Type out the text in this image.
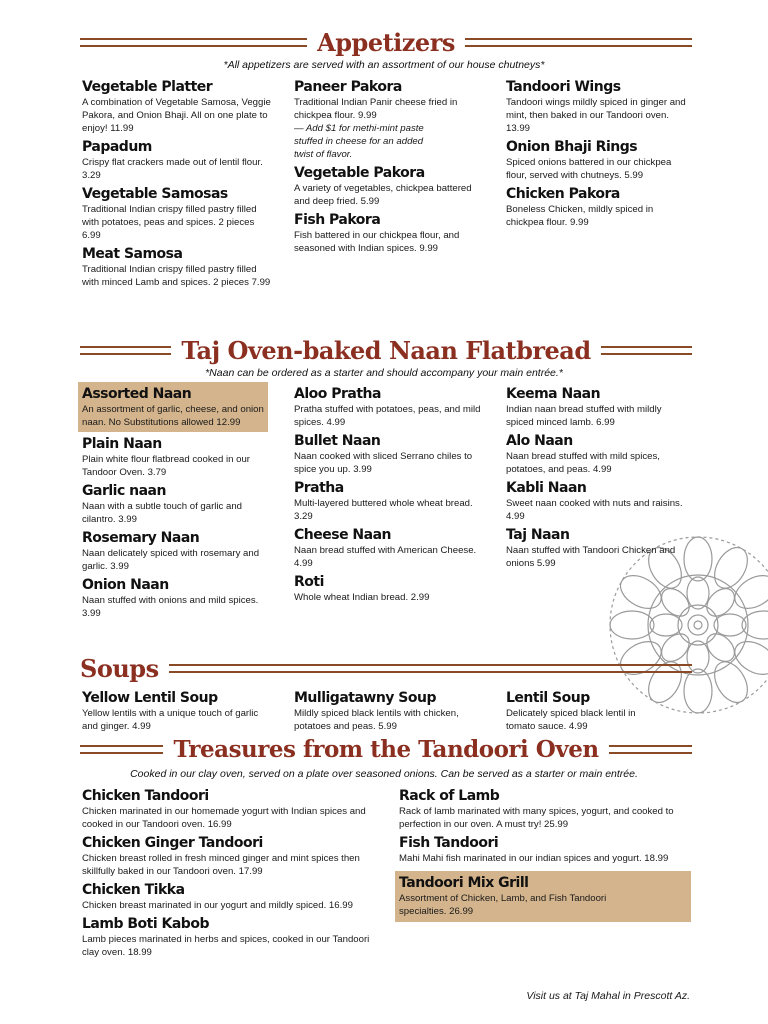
Appetizers
*All appetizers are served with an assortment of our house chutneys*
Vegetable Platter
A combination of Vegetable Samosa, Veggie Pakora, and Onion Bhaji. All on one plate to enjoy! 11.99
Papadum
Crispy flat crackers made out of lentil flour. 3.29
Vegetable Samosas
Traditional Indian crispy filled pastry filled with potatoes, peas and spices. 2 pieces 6.99
Meat Samosa
Traditional Indian crispy filled pastry filled with minced Lamb and spices. 2 pieces 7.99
Paneer Pakora
Traditional Indian Panir cheese fried in chickpea flour. 9.99
— Add $1 for methi-mint paste stuffed in cheese for an added twist of flavor.
Vegetable Pakora
A variety of vegetables, chickpea battered and deep fried. 5.99
Fish Pakora
Fish battered in our chickpea flour, and seasoned with Indian spices. 9.99
Tandoori Wings
Tandoori wings mildly spiced in ginger and mint, then baked in our Tandoori oven. 13.99
Onion Bhaji Rings
Spiced onions battered in our chickpea flour, served with chutneys. 5.99
Chicken Pakora
Boneless Chicken, mildly spiced in chickpea flour. 9.99
Taj Oven-baked Naan Flatbread
*Naan can be ordered as a starter and should accompany your main entrée.*
Assorted Naan
An assortment of garlic, cheese, and onion naan. No Substitutions allowed 12.99
Plain Naan
Plain white flour flatbread cooked in our Tandoor Oven. 3.79
Garlic naan
Naan with a subtle touch of garlic and cilantro. 3.99
Rosemary Naan
Naan delicately spiced with rosemary and garlic. 3.99
Onion Naan
Naan stuffed with onions and mild spices. 3.99
Aloo Pratha
Pratha stuffed with potatoes, peas, and mild spices. 4.99
Bullet Naan
Naan cooked with sliced Serrano chiles to spice you up. 3.99
Pratha
Multi-layered buttered whole wheat bread. 3.29
Cheese Naan
Naan bread stuffed with American Cheese. 4.99
Roti
Whole wheat Indian bread. 2.99
Keema Naan
Indian naan bread stuffed with mildly spiced minced lamb. 6.99
Alo Naan
Naan bread stuffed with mild spices, potatoes, and peas. 4.99
Kabli Naan
Sweet naan cooked with nuts and raisins. 4.99
Taj Naan
Naan stuffed with Tandoori Chicken and onions 5.99
Soups
Yellow Lentil Soup
Yellow lentils with a unique touch of garlic and ginger. 4.99
Mulligatawny Soup
Mildly spiced black lentils with chicken, potatoes and peas. 5.99
Lentil Soup
Delicately spiced black lentil in tomato sauce. 4.99
Treasures from the Tandoori Oven
Cooked in our clay oven, served on a plate over seasoned onions. Can be served as a starter or main entrée.
Chicken Tandoori
Chicken marinated in our homemade yogurt with Indian spices and cooked in our Tandoori oven. 16.99
Chicken Ginger Tandoori
Chicken breast rolled in fresh minced ginger and mint spices then skillfully baked in our Tandoori oven. 17.99
Chicken Tikka
Chicken breast marinated in our yogurt and mildly spiced. 16.99
Lamb Boti Kabob
Lamb pieces marinated in herbs and spices, cooked in our Tandoori clay oven. 18.99
Rack of Lamb
Rack of lamb marinated with many spices, yogurt, and cooked to perfection in our oven. A must try! 25.99
Fish Tandoori
Mahi Mahi fish marinated in our indian spices and yogurt. 18.99
Tandoori Mix Grill
Assortment of Chicken, Lamb, and Fish Tandoori specialties. 26.99
Visit us at Taj Mahal in Prescott Az.
